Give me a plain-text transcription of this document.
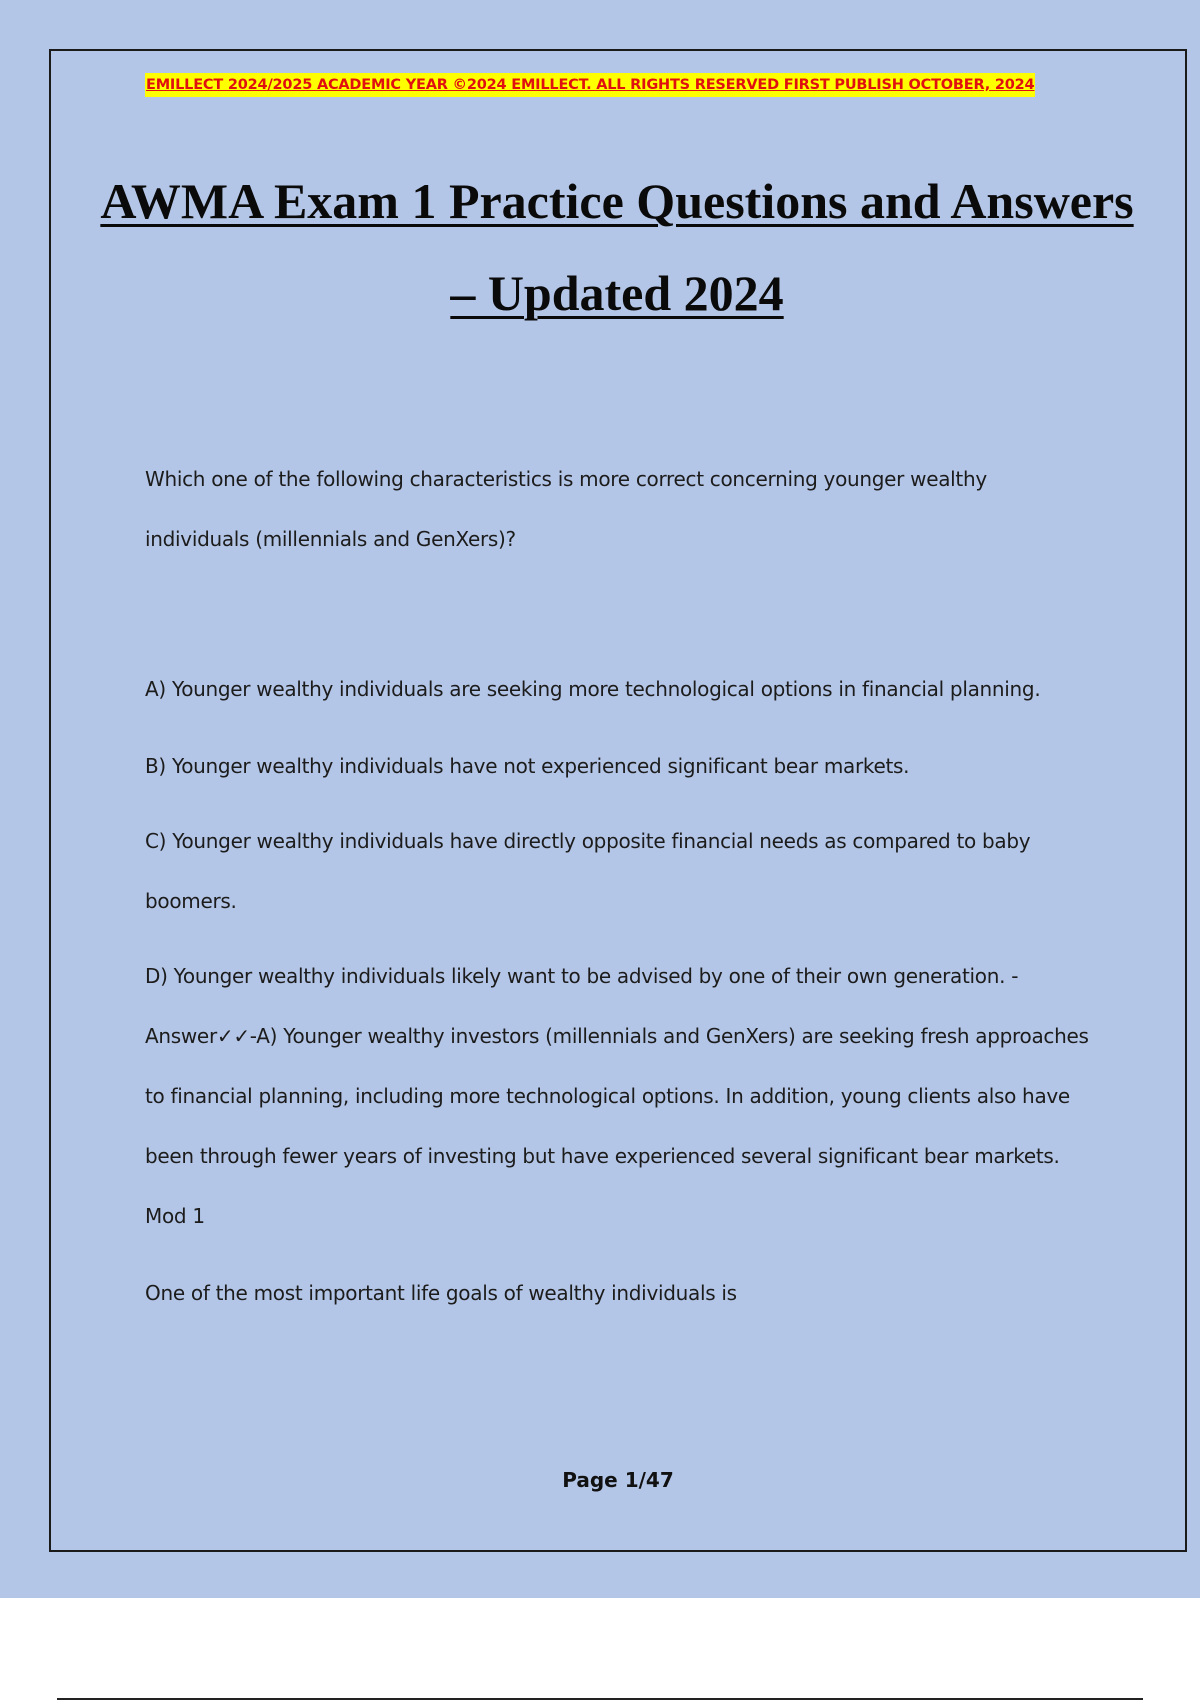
EMILLECT 2024/2025 ACADEMIC YEAR ©2024 EMILLECT. ALL RIGHTS RESERVED FIRST PUBLISH OCTOBER, 2024
AWMA Exam 1 Practice Questions and Answers – Updated 2024

Which one of the following characteristics is more correct concerning younger wealthy individuals (millennials and GenXers)?

A) Younger wealthy individuals are seeking more technological options in financial planning.

B) Younger wealthy individuals have not experienced significant bear markets.

C) Younger wealthy individuals have directly opposite financial needs as compared to baby boomers.

D) Younger wealthy individuals likely want to be advised by one of their own generation. - Answer✓✓-A) Younger wealthy investors (millennials and GenXers) are seeking fresh approaches to financial planning, including more technological options. In addition, young clients also have been through fewer years of investing but have experienced several significant bear markets. Mod 1

One of the most important life goals of wealthy individuals is

Page 1/47
